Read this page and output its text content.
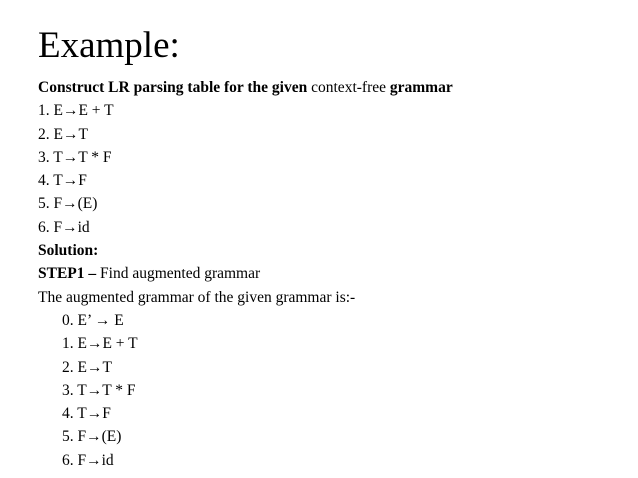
Example:
Construct LR parsing table for the given context-free grammar
1. E→E + T
2. E→T
3. T→T * F
4. T→F
5. F→(E)
6. F→id
Solution:
STEP1 – Find augmented grammar
The augmented grammar of the given grammar is:-
0. E’ → E
1. E→E + T
2. E→T
3. T→T * F
4. T→F
5. F→(E)
6. F→id
